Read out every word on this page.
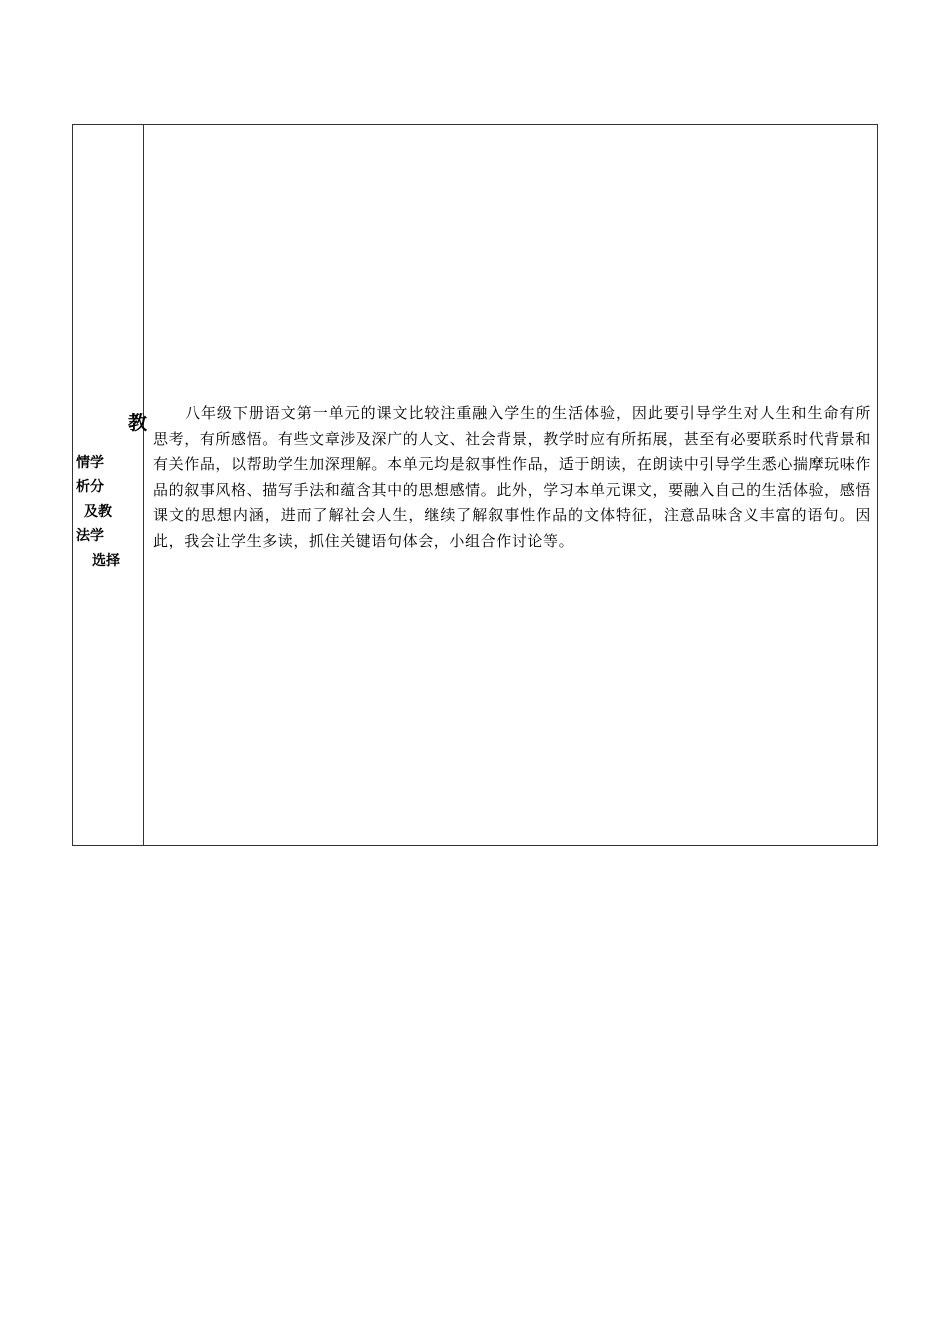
教
情学
析分
及教
法学
选择

八年级下册语文第一单元的课文比较注重融入学生的生活体验，因此要引导学生对人生和生命有所思考，有所感悟。有些文章涉及深广的人文、社会背景，教学时应有所拓展，甚至有必要联系时代背景和有关作品，以帮助学生加深理解。本单元均是叙事性作品，适于朗读，在朗读中引导学生悉心揣摩玩味作品的叙事风格、描写手法和蕴含其中的思想感情。此外，学习本单元课文，要融入自己的生活体验，感悟课文的思想内涵，进而了解社会人生，继续了解叙事性作品的文体特征，注意品味含义丰富的语句。因此，我会让学生多读，抓住关键语句体会，小组合作讨论等。
